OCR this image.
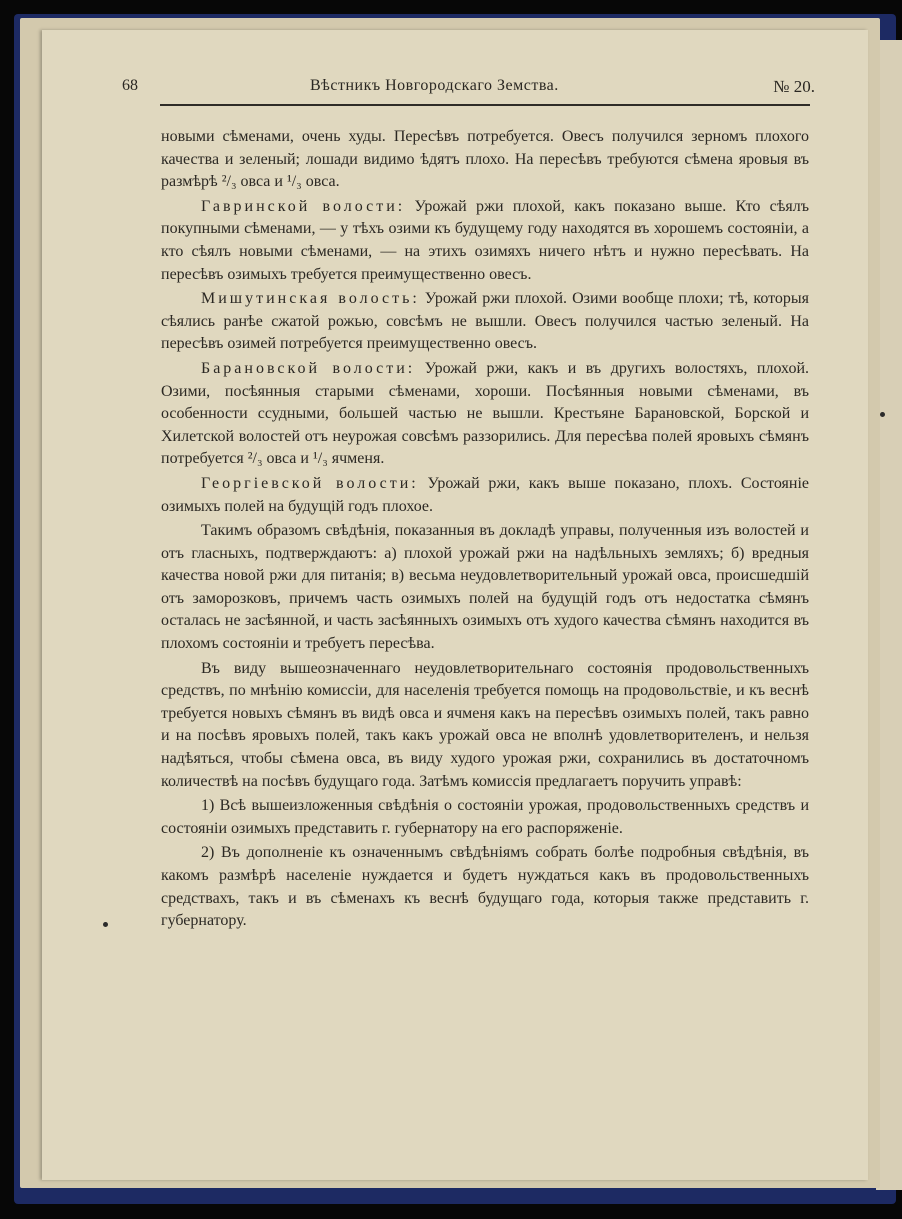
68	Вѣстникъ Новгородскаго Земства.	№ 20.

новыми сѣменами, очень худы. Пересѣвъ потребуется. Овесъ получился зерномъ плохого качества и зеленый; лошади видимо ѣдятъ плохо. На пересѣвъ требуются сѣмена яровыя въ размѣрѣ ²/₃ овса и ¹/₃ овса.

Гавринской волости: Урожай ржи плохой, какъ показано выше. Кто сѣялъ покупными сѣменами, — у тѣхъ озими къ будущему году находятся въ хорошемъ состоянiи, а кто сѣялъ новыми сѣменами, — на этихъ озимяхъ ничего нѣтъ и нужно пересѣвать. На пересѣвъ озимыхъ требуется преимущественно овесъ.

Мишутинская волость: Урожай ржи плохой. Озими вообще плохи; тѣ, которыя сѣялись ранѣе сжатой рожью, совсѣмъ не вышли. Овесъ получился частью зеленый. На пересѣвъ озимей потребуется преимущественно овесъ.

Барановской волости: Урожай ржи, какъ и въ другихъ волостяхъ, плохой. Озими, посѣянныя старыми сѣменами, хороши. Посѣянныя новыми сѣменами, въ особенности ссудными, большей частью не вышли. Крестьяне Барановской, Борской и Хилетской волостей отъ неурожая совсѣмъ раззорились. Для пересѣва полей яровыхъ сѣмянъ потребуется ²/₃ овса и ¹/₃ ячменя.

Георгiевской волости: Урожай ржи, какъ выше показано, плохъ. Состоянiе озимыхъ полей на будущiй годъ плохое.

Такимъ образомъ свѣдѣнiя, показанныя въ докладѣ управы, полученныя изъ волостей и отъ гласныхъ, подтверждаютъ: а) плохой урожай ржи на надѣльныхъ земляхъ; б) вредныя качества новой ржи для питанiя; в) весьма неудовлетворительный урожай овса, происшедшiй отъ заморозковъ, причемъ часть озимыхъ полей на будущiй годъ отъ недостатка сѣмянъ осталась не засѣянной, и часть засѣянныхъ озимыхъ отъ худого качества сѣмянъ находится въ плохомъ состоянiи и требуетъ пересѣва.

Въ виду вышеозначеннаго неудовлетворительнаго состоянiя продовольственныхъ средствъ, по мнѣнiю комиссiи, для населенiя требуется помощь на продовольствiе, и къ веснѣ требуется новыхъ сѣмянъ въ видѣ овса и ячменя какъ на пересѣвъ озимыхъ полей, такъ равно и на посѣвъ яровыхъ полей, такъ какъ урожай овса не вполнѣ удовлетворителенъ, и нельзя надѣяться, чтобы сѣмена овса, въ виду худого урожая ржи, сохранились въ достаточномъ количествѣ на посѣвъ будущаго года. Затѣмъ комиссiя предлагаетъ поручить управѣ:

1) Всѣ вышеизложенныя свѣдѣнiя о состоянiи урожая, продовольственныхъ средствъ и состоянiи озимыхъ представить г. губернатору на его распоряженiе.

2) Въ дополненiе къ означеннымъ свѣдѣнiямъ собрать болѣе подробныя свѣдѣнiя, въ какомъ размѣрѣ населенiе нуждается и будетъ нуждаться какъ въ продовольственныхъ средствахъ, такъ и въ сѣменахъ къ веснѣ будущаго года, которыя также представить г. губернатору.
